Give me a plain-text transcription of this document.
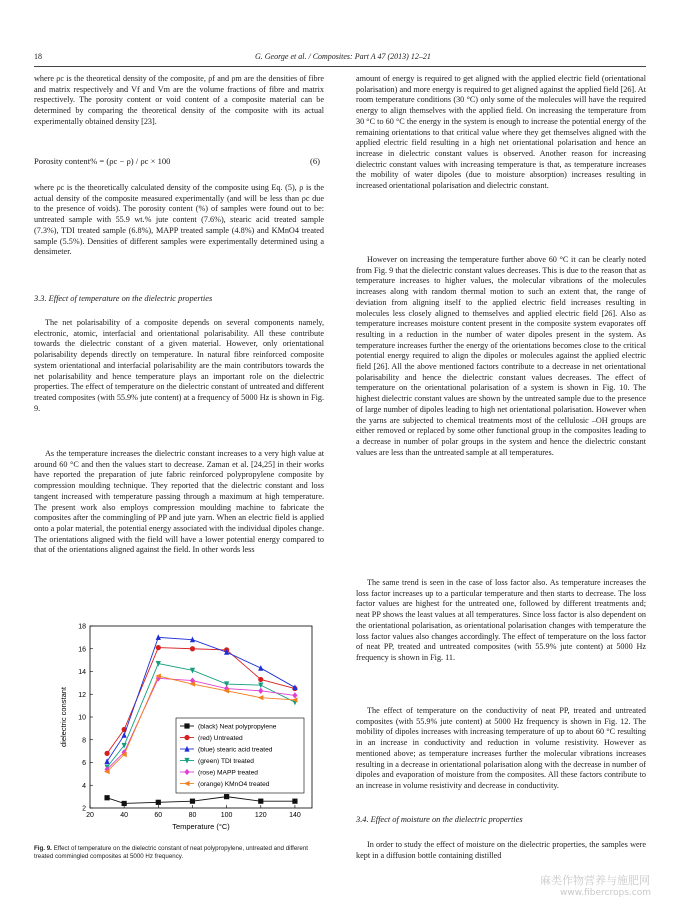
18	G. George et al. / Composites: Part A 47 (2013) 12–21

where ρc is the theoretical density of the composite, ρf and ρm are the densities of fibre and matrix respectively and Vf and Vm are the volume fractions of fibre and matrix respectively. The porosity content or void content of a composite material can be determined by comparing the theoretical density of the composite with its actual experimentally obtained density [23].

Porosity content% = (ρc − ρ) / ρc × 100	(6)

where ρc is the theoretically calculated density of the composite using Eq. (5), ρ is the actual density of the composite measured experimentally (and will be less than ρc due to the presence of voids). The porosity content (%) of samples were found out to be: untreated sample with 55.9 wt.% jute content (7.6%), stearic acid treated sample (7.3%), TDI treated sample (6.8%), MAPP treated sample (4.8%) and KMnO4 treated sample (5.5%). Densities of different samples were experimentally determined using a densimeter.

3.3. Effect of temperature on the dielectric properties

The net polarisability of a composite depends on several components namely, electronic, atomic, interfacial and orientational polarisability. All these contribute towards the dielectric constant of a given material. However, only orientational polarisability depends directly on temperature. In natural fibre reinforced composite system orientational and interfacial polarisability are the main contributors towards the net polarisability and hence temperature plays an important role on the dielectric properties. The effect of temperature on the dielectric constant of untreated and different treated composites (with 55.9% jute content) at a frequency of 5000 Hz is shown in Fig. 9.

As the temperature increases the dielectric constant increases to a very high value at around 60 °C and then the values start to decrease. Zaman et al. [24,25] in their works have reported the preparation of jute fabric reinforced polypropylene composite by compression moulding technique. They reported that the dielectric constant and loss tangent increased with temperature passing through a maximum at high temperature. The present work also employs compression moulding machine to fabricate the composites after the commingling of PP and jute yarn. When an electric field is applied onto a polar material, the potential energy associated with the individual dipoles change. The orientations aligned with the field will have a lower potential energy compared to that of the orientations aligned against the field. In other words less

20	40	60	80	100	120	140
2
4
6
8
10
12
14
16
18
Temperature (°C)
dielectric constant	(black) Neat polypropylene
(red) Untreated
(blue) stearic acid treated
(green) TDI treated
(rose) MAPP treated
(orange) KMnO4 treated
Fig. 9. Effect of temperature on the dielectric constant of neat polypropylene, untreated and different treated commingled composites at 5000 Hz frequency.

amount of energy is required to get aligned with the applied electric field (orientational polarisation) and more energy is required to get aligned against the applied field [26]. At room temperature conditions (30 °C) only some of the molecules will have the required energy to align themselves with the applied field. On increasing the temperature from 30 °C to 60 °C the energy in the system is enough to increase the potential energy of the remaining orientations to that critical value where they get themselves aligned with the applied electric field resulting in a high net orientational polarisation and hence an increase in dielectric constant values is observed. Another reason for increasing dielectric constant values with increasing temperature is that, as temperature increases the mobility of water dipoles (due to moisture absorption) increases resulting in increased orientational polarisation and dielectric constant.

However on increasing the temperature further above 60 °C it can be clearly noted from Fig. 9 that the dielectric constant values decreases. This is due to the reason that as temperature increases to higher values, the molecular vibrations of the molecules increases along with random thermal motion to such an extent that, the range of deviation from aligning itself to the applied electric field increases resulting in molecules less closely aligned to themselves and applied electric field [26]. Also as temperature increases moisture content present in the composite system evaporates off resulting in a reduction in the number of water dipoles present in the system. As temperature increases further the energy of the orientations becomes close to the critical potential energy required to align the dipoles or molecules against the applied electric field [26]. All the above mentioned factors contribute to a decrease in net orientational polarisability and hence the dielectric constant values decreases. The effect of temperature on the orientational polarisation of a system is shown in Fig. 10. The highest dielectric constant values are shown by the untreated sample due to the presence of large number of dipoles leading to high net orientational polarisation. However when the yarns are subjected to chemical treatments most of the cellulosic –OH groups are either removed or replaced by some other functional group in the composites leading to a decrease in number of polar groups in the system and hence the dielectric constant values are less than the untreated sample at all temperatures.

The same trend is seen in the case of loss factor also. As temperature increases the loss factor increases up to a particular temperature and then starts to decrease. The loss factor values are highest for the untreated one, followed by different treatments and; neat PP shows the least values at all temperatures. Since loss factor is also dependent on the orientational polarisation, as orientational polarisation changes with temperature the loss factor values also changes accordingly. The effect of temperature on the loss factor of neat PP, treated and untreated composites (with 55.9% jute content) at 5000 Hz frequency is shown in Fig. 11.

The effect of temperature on the conductivity of neat PP, treated and untreated composites (with 55.9% jute content) at 5000 Hz frequency is shown in Fig. 12. The mobility of dipoles increases with increasing temperature of up to about 60 °C resulting in an increase in conductivity and reduction in volume resistivity. However as mentioned above; as temperature increases further the molecular vibrations increases resulting in a decrease in orientational polarisation along with the decrease in number of dipoles and evaporation of moisture from the composites. All these factors contribute to an increase in volume resistivity and decrease in conductivity.

3.4. Effect of moisture on the dielectric properties

In order to study the effect of moisture on the dielectric properties, the samples were kept in a diffusion bottle containing distilled

麻类作物营养与施肥网
www.fibercrops.com
